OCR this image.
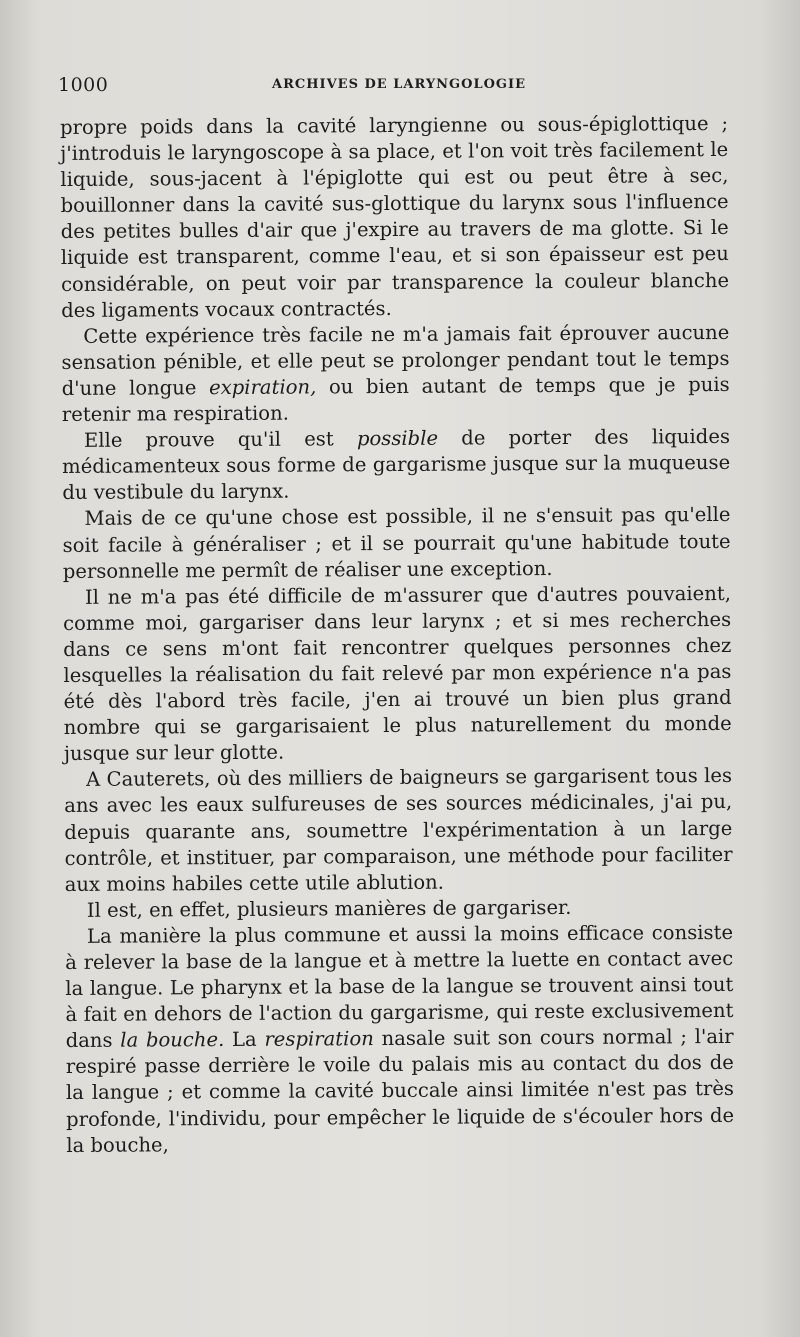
1000	ARCHIVES DE LARYNGOLOGIE

propre poids dans la cavité laryngienne ou sous-épiglottique ; j'introduis le laryngoscope à sa place, et l'on voit très facilement le liquide, sous-jacent à l'épiglotte qui est ou peut être à sec, bouillonner dans la cavité sus-glottique du larynx sous l'influence des petites bulles d'air que j'expire au travers de ma glotte. Si le liquide est transparent, comme l'eau, et si son épaisseur est peu considérable, on peut voir par transparence la couleur blanche des ligaments vocaux contractés.

Cette expérience très facile ne m'a jamais fait éprouver aucune sensation pénible, et elle peut se prolonger pendant tout le temps d'une longue expiration, ou bien autant de temps que je puis retenir ma respiration.

Elle prouve qu'il est possible de porter des liquides médicamenteux sous forme de gargarisme jusque sur la muqueuse du vestibule du larynx.

Mais de ce qu'une chose est possible, il ne s'ensuit pas qu'elle soit facile à généraliser ; et il se pourrait qu'une habitude toute personnelle me permît de réaliser une exception.

Il ne m'a pas été difficile de m'assurer que d'autres pouvaient, comme moi, gargariser dans leur larynx ; et si mes recherches dans ce sens m'ont fait rencontrer quelques personnes chez lesquelles la réalisation du fait relevé par mon expérience n'a pas été dès l'abord très facile, j'en ai trouvé un bien plus grand nombre qui se gargarisaient le plus naturellement du monde jusque sur leur glotte.

A Cauterets, où des milliers de baigneurs se gargarisent tous les ans avec les eaux sulfureuses de ses sources médicinales, j'ai pu, depuis quarante ans, soumettre l'expérimentation à un large contrôle, et instituer, par comparaison, une méthode pour faciliter aux moins habiles cette utile ablution.

Il est, en effet, plusieurs manières de gargariser.

La manière la plus commune et aussi la moins efficace consiste à relever la base de la langue et à mettre la luette en contact avec la langue. Le pharynx et la base de la langue se trouvent ainsi tout à fait en dehors de l'action du gargarisme, qui reste exclusivement dans la bouche. La respiration nasale suit son cours normal ; l'air respiré passe derrière le voile du palais mis au contact du dos de la langue ; et comme la cavité buccale ainsi limitée n'est pas très profonde, l'individu, pour empêcher le liquide de s'écouler hors de la bouche,
